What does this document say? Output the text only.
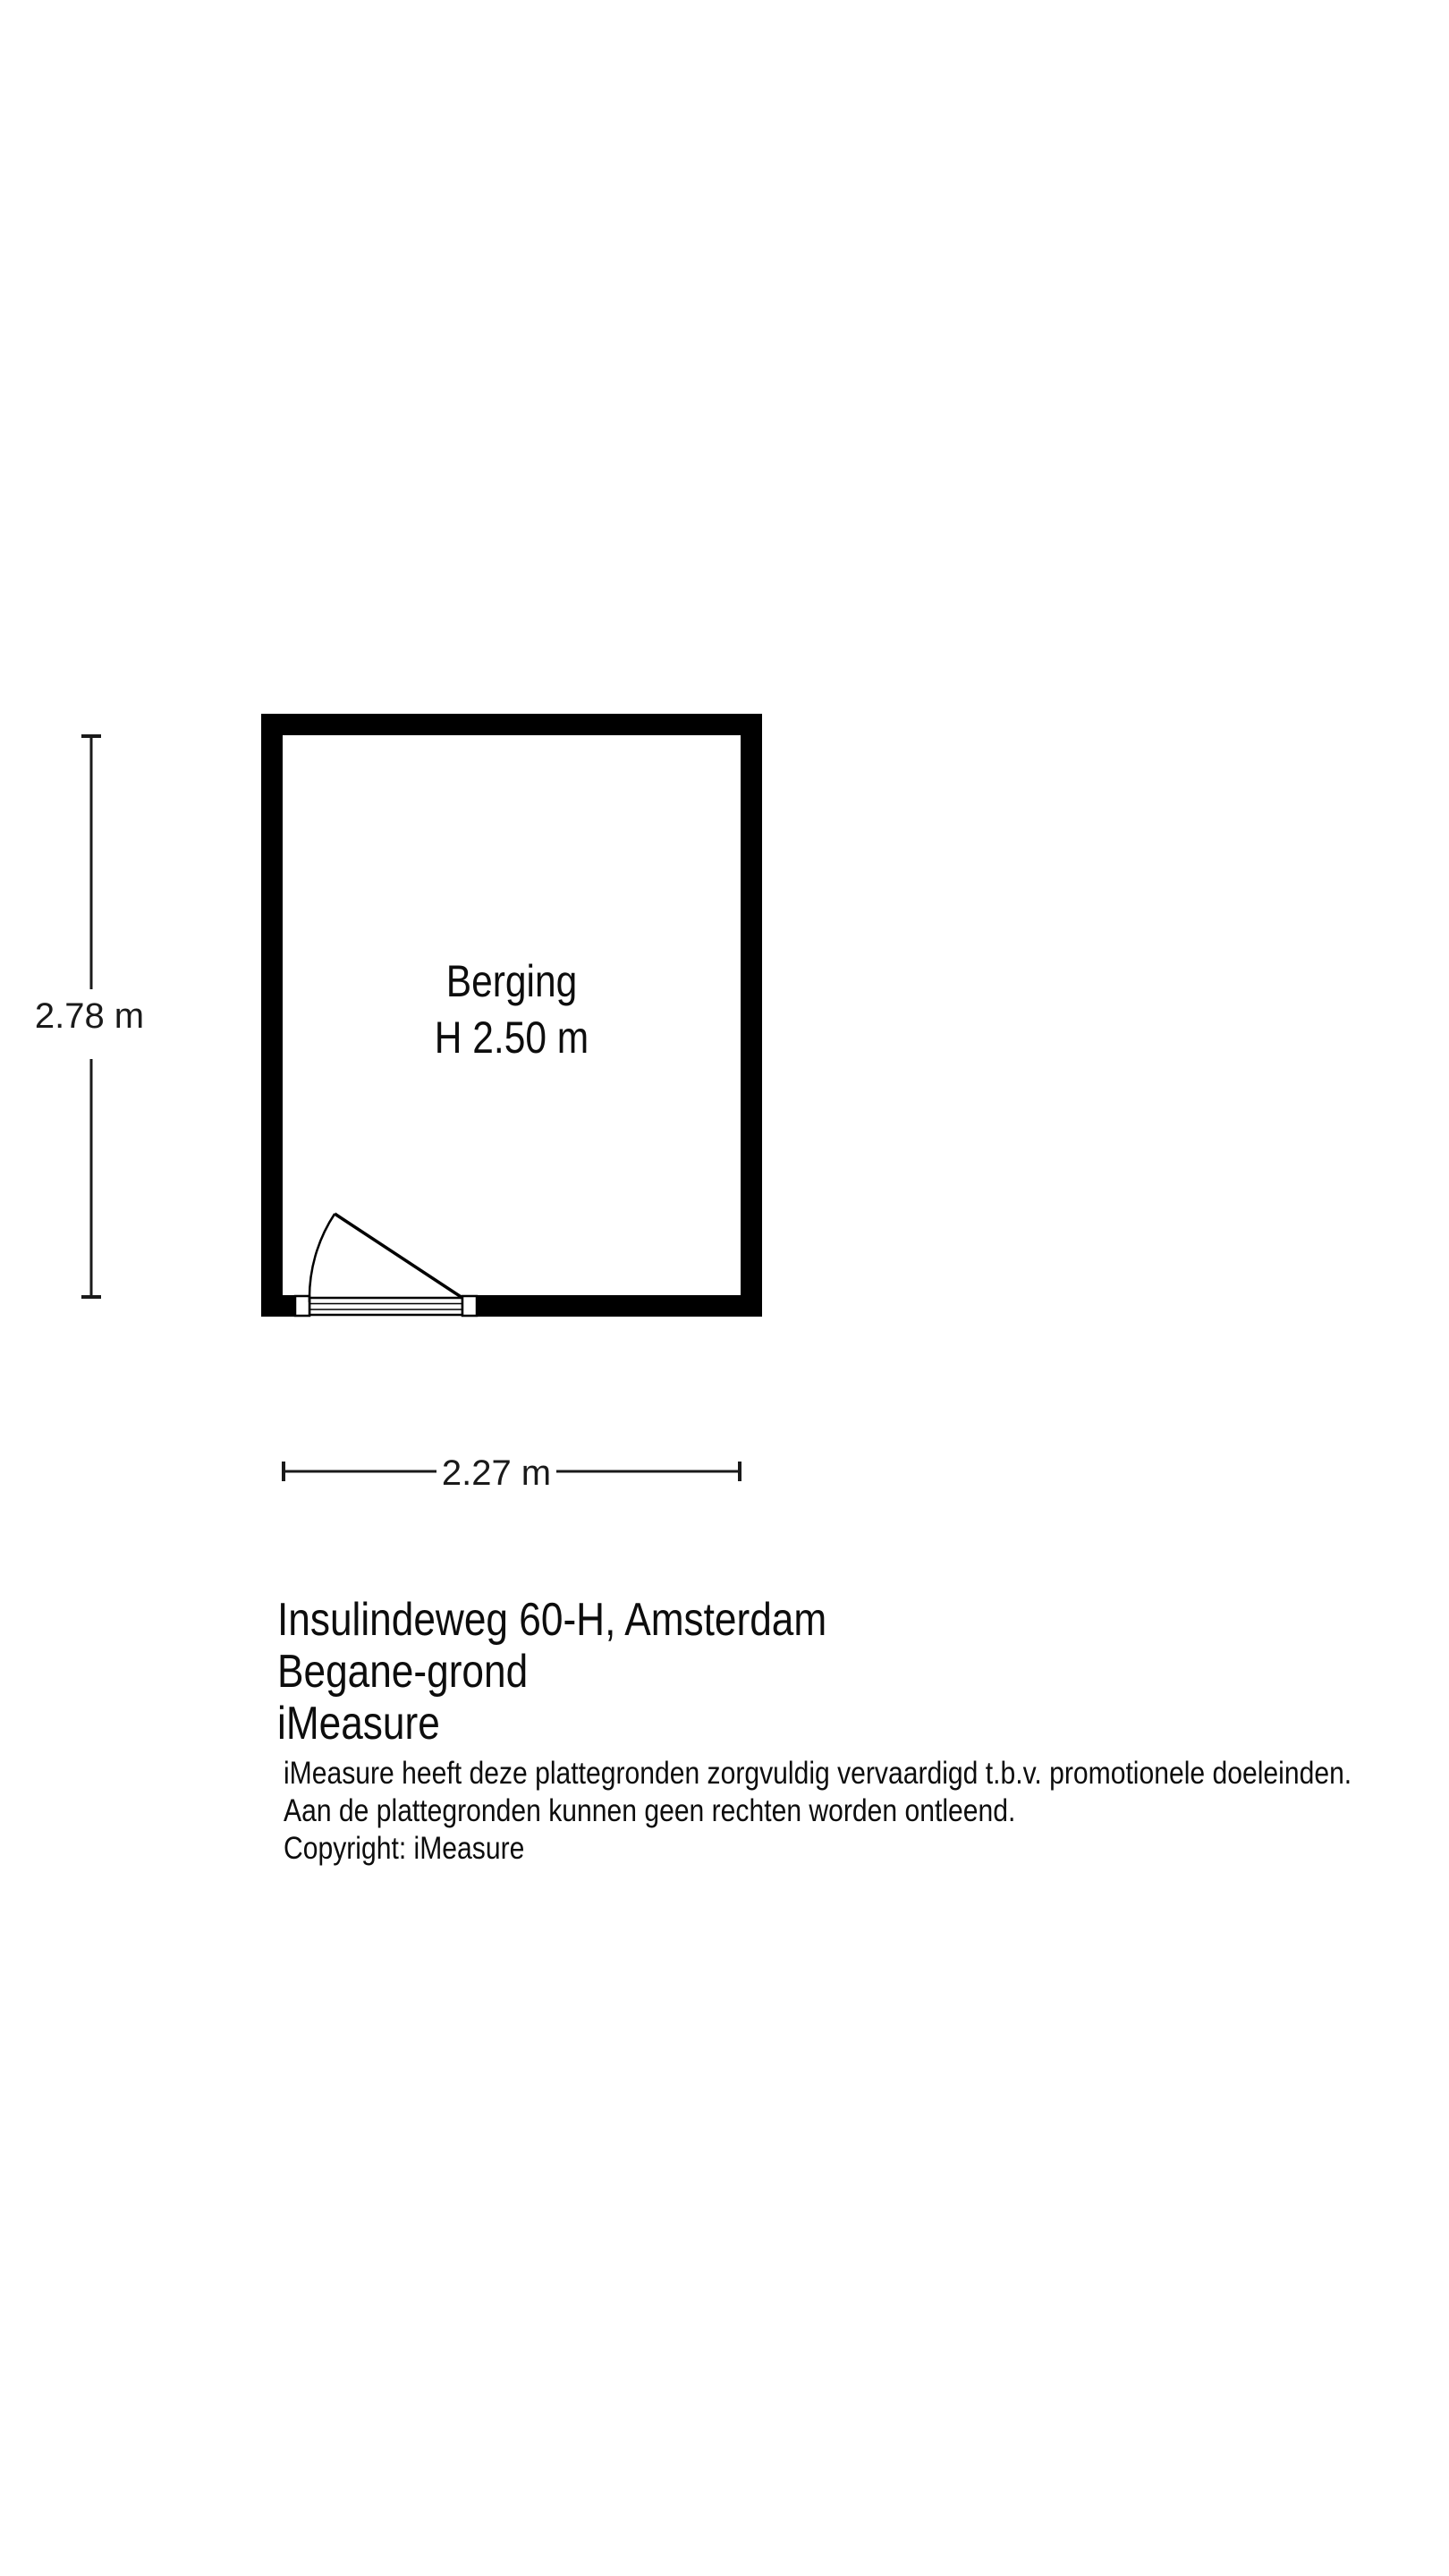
Berging
H 2.50 m
2.78 m
2.27 m
Insulindeweg 60-H, Amsterdam
Begane-grond
iMeasure
iMeasure heeft deze plattegronden zorgvuldig vervaardigd t.b.v. promotionele doeleinden.
Aan de plattegronden kunnen geen rechten worden ontleend.
Copyright: iMeasure
